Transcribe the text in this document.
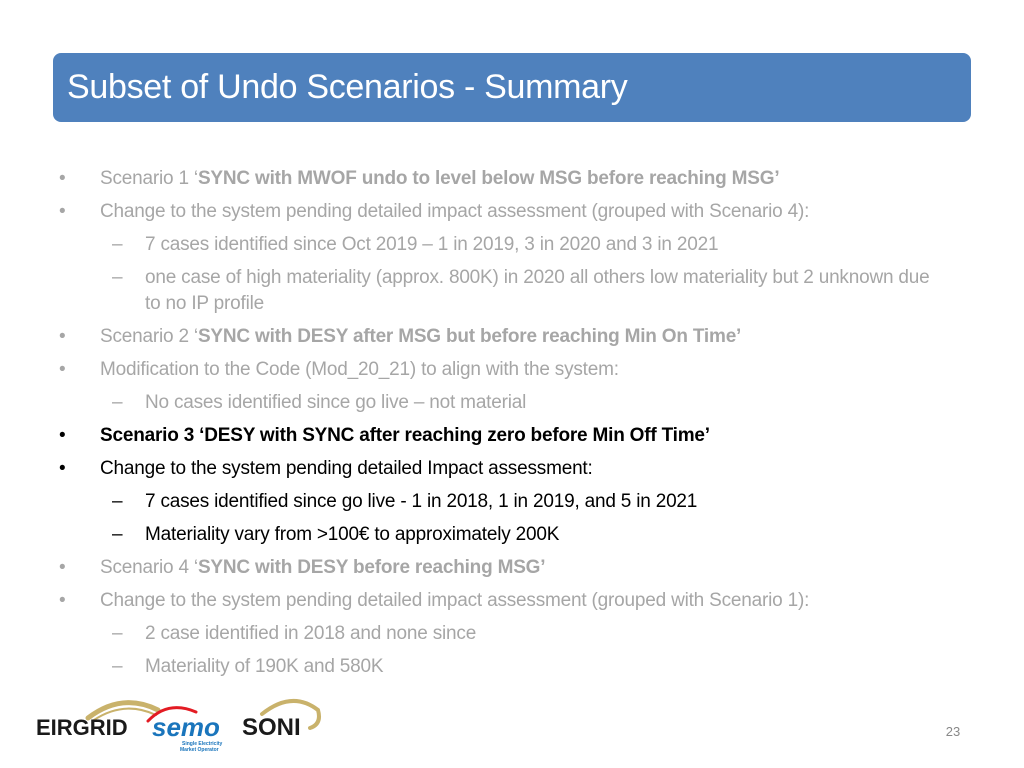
Subset of Undo Scenarios - Summary
• Scenario 1 ‘SYNC with MWOF undo to level below MSG before reaching MSG’
• Change to the system pending detailed impact assessment (grouped with Scenario 4):
– 7 cases identified since Oct 2019 – 1 in 2019, 3 in 2020 and 3 in 2021
– one case of high materiality (approx. 800K) in 2020 all others low materiality but 2 unknown due to no IP profile
• Scenario 2 ‘SYNC with DESY after MSG but before reaching Min On Time’
• Modification to the Code (Mod_20_21) to align with the system:
– No cases identified since go live – not material
• Scenario 3 ‘DESY with SYNC after reaching zero before Min Off Time’
• Change to the system pending detailed Impact assessment:
– 7 cases identified since go live - 1 in 2018, 1 in 2019, and 5 in 2021
– Materiality vary from >100€ to approximately 200K
• Scenario 4 ‘SYNC with DESY before reaching MSG’
• Change to the system pending detailed impact assessment (grouped with Scenario 1):
– 2 case identified in 2018 and none since
– Materiality of 190K and 580K
EIRGRID semo
Single Electricity
Market Operator
SONI	23
